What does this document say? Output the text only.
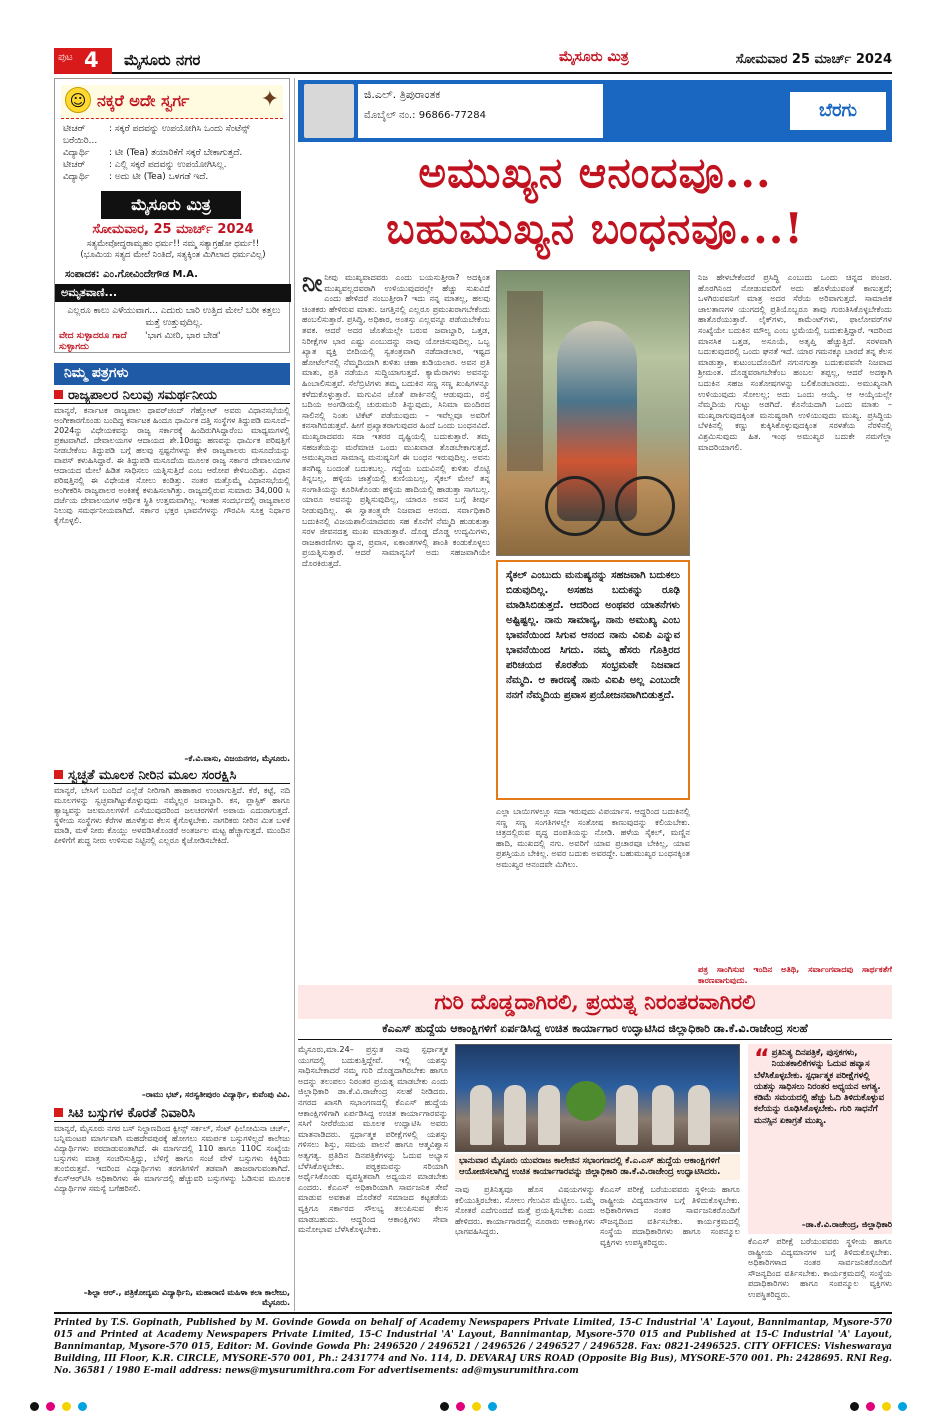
ಪುಟ 4 ಮೈಸೂರು ನಗರ	ಮೈಸೂರು ಮಿತ್ರ	ಸೋಮವಾರ 25 ಮಾರ್ಚ್ 2024
☺ ನಕ್ಕರೆ ಅದೇ ಸ್ವರ್ಗ	✦
ಟೀಚರ್	: ಸಕ್ಕರೆ ಪದವನ್ನು ಉಪಯೋಗಿಸಿ ಒಂದು ಸೆಂಟೆನ್ಸ್ ಬರೆಯಿರಿ...
ವಿದ್ಯಾರ್ಥಿ : ಟೀ (Tea) ತಯಾರಿಕೆಗೆ ಸಕ್ಕರೆ ಬೇಕಾಗುತ್ತದೆ.
ಟೀಚರ್	: ಎಲ್ಲಿ ಸಕ್ಕರೆ ಪದವನ್ನು ಉಪಯೋಗಿಸಿಲ್ಲ.
ವಿದ್ಯಾರ್ಥಿ : ಅದು ಟೀ (Tea) ಒಳಗಡೆ ಇದೆ.
ಮೈಸೂರು ಮಿತ್ರ
ಸೋಮವಾರ, 25 ಮಾರ್ಚ್ 2024
ಸತ್ಯಮೇವೋದ್ಧರಾಮ್ಯಹಂ ಧರ್ಮ!! ನಮ್ಮ ಸತ್ಯಾಗ್ರಹೋ ಧರ್ಮ!!
(ಭೂಮಿಯ ಸತ್ಯದ ಮೇಲೆ ನಿಂತಿದೆ, ಸತ್ಯಕ್ಕಿಂತ ಮಿಗಿಲಾದ ಧರ್ಮವಿಲ್ಲ)
ಸಂಪಾದಕ: ಎಂ.ಗೋವಿಂದೇಗೌಡ M.A.
ಅಮೃತವಾಣಿ...
ಎಲ್ಲರೂ ಕಾಲು ಎಳೆಯುವಾಗ... ಎದುರು ಬಾರಿ ಉತ್ತಿದ ಮೇಲೆ ಬರೀ ಕತ್ತಲು ಮತ್ತೆ ಉತ್ತುವುದಿಲ್ಲ.
ವೇದ ಸುಳ್ಳಾದರೂ ಗಾದೆ ಸುಳ್ಳಾಗದು
'ಭಾಗ ಮೀರಿ, ಭಾರ ಬೇಡ'
ನಿಮ್ಮ ಪತ್ರಗಳು
ರಾಜ್ಯಪಾಲರ ನಿಲುವು ಸಮರ್ಥನೀಯ
ಮಾನ್ಯರೆ, ಕರ್ನಾಟಕ ರಾಜ್ಯಪಾಲ ಥಾವರ್‌ಚಂದ್ ಗೆಹ್ಲೋಟ್ ಅವರು ವಿಧಾನಸಭೆಯಲ್ಲಿ ಅಂಗೀಕಾರಗೊಂಡು ಬಂದಿದ್ದ ಕರ್ನಾಟಕ ಹಿಂದೂ ಧಾರ್ಮಿಕ ದತ್ತಿ ಸಂಸ್ಥೆಗಳ ತಿದ್ದುಪಡಿ ಮಸೂದೆ–2024ನ್ನು ವಿಧೇಯಕವನ್ನು ರಾಜ್ಯ ಸರ್ಕಾರಕ್ಕೆ ಹಿಂದಿರುಗಿಸಿದ್ದಾರೆಂಬ ಮಾಧ್ಯಮಗಳಲ್ಲಿ ಪ್ರಕಟವಾಗಿದೆ. ದೇವಾಲಯಗಳ ಆದಾಯದ ಶೇ.10ರಷ್ಟು ಹಣವನ್ನು ಧಾರ್ಮಿಕ ಪರಿಷತ್ತಿಗೆ ನೀಡಬೇಕೆಂಬ ತಿದ್ದುಪಡಿ ಬಗ್ಗೆ ಹಲವು ಸ್ಪಷ್ಟನೆಗಳನ್ನು ಕೇಳಿ ರಾಜ್ಯಪಾಲರು ಮಸೂದೆಯನ್ನು ವಾಪಸ್ ಕಳುಹಿಸಿದ್ದಾರೆ. ಈ ತಿದ್ದುಪಡಿ ಮಸೂದೆಯ ಮೂಲಕ ರಾಜ್ಯ ಸರ್ಕಾರ ದೇವಾಲಯಗಳ ಆದಾಯದ ಮೇಲೆ ಹಿಡಿತ ಸಾಧಿಸಲು ಯತ್ನಿಸುತ್ತಿದೆ ಎಂಬ ಆರೋಪ ಕೇಳಿಬಂದಿತ್ತು. ವಿಧಾನ ಪರಿಷತ್ತಿನಲ್ಲಿ ಈ ವಿಧೇಯಕ ಸೋಲು ಕಂಡಿತ್ತು. ನಂತರ ಮತ್ತೊಮ್ಮೆ ವಿಧಾನಸಭೆಯಲ್ಲಿ ಅಂಗೀಕರಿಸಿ ರಾಜ್ಯಪಾಲರ ಅಂಕಿತಕ್ಕೆ ಕಳುಹಿಸಲಾಗಿತ್ತು. ರಾಜ್ಯದಲ್ಲಿರುವ ಸುಮಾರು 34,000 ಸಿ ದರ್ಜೆಯ ದೇವಾಲಯಗಳ ಆರ್ಥಿಕ ಸ್ಥಿತಿ ಉತ್ತಮವಾಗಿಲ್ಲ. ಇಂತಹ ಸಂದರ್ಭದಲ್ಲಿ ರಾಜ್ಯಪಾಲರ ನಿಲುವು ಸಮರ್ಥನೀಯವಾಗಿದೆ. ಸರ್ಕಾರ ಭಕ್ತರ ಭಾವನೆಗಳನ್ನು ಗೌರವಿಸಿ ಸೂಕ್ತ ನಿರ್ಧಾರ ಕೈಗೊಳ್ಳಲಿ.
–ಕೆ.ವಿ.ವಾಸು, ವಿಜಯನಗರ, ಮೈಸೂರು.
ಸ್ವಚ್ಛತೆ ಮೂಲಕ ನೀರಿನ ಮೂಲ ಸಂರಕ್ಷಿಸಿ
ಮಾನ್ಯರೆ, ಬೇಸಿಗೆ ಬಂದಿದೆ ಎಲ್ಲೆಡೆ ನೀರಿಗಾಗಿ ಹಾಹಾಕಾರ ಉಂಟಾಗುತ್ತಿದೆ. ಕೆರೆ, ಕಟ್ಟೆ, ನದಿ ಮೂಲಗಳನ್ನು ಸ್ವಚ್ಛವಾಗಿಟ್ಟುಕೊಳ್ಳುವುದು ನಮ್ಮೆಲ್ಲರ ಜವಾಬ್ದಾರಿ. ಕಸ, ಪ್ಲಾಸ್ಟಿಕ್ ಹಾಗೂ ತ್ಯಾಜ್ಯವನ್ನು ಜಲಮೂಲಗಳಿಗೆ ಎಸೆಯುವುದರಿಂದ ಜಲಚರಗಳಿಗೆ ಅಪಾಯ ಎದುರಾಗುತ್ತದೆ. ಸ್ಥಳೀಯ ಸಂಸ್ಥೆಗಳು ಕೆರೆಗಳ ಹೂಳೆತ್ತುವ ಕೆಲಸ ಕೈಗೊಳ್ಳಬೇಕು. ನಾಗರಿಕರು ನೀರಿನ ಮಿತ ಬಳಕೆ ಮಾಡಿ, ಮಳೆ ನೀರು ಕೊಯ್ಲು ಅಳವಡಿಸಿಕೊಂಡರೆ ಅಂತರ್ಜಲ ಮಟ್ಟ ಹೆಚ್ಚಾಗುತ್ತದೆ. ಮುಂದಿನ ಪೀಳಿಗೆಗೆ ಶುದ್ಧ ನೀರು ಉಳಿಸುವ ನಿಟ್ಟಿನಲ್ಲಿ ಎಲ್ಲರೂ ಕೈಜೋಡಿಸಬೇಕಿದೆ.
–ರಾಮು ಭಟ್, ಸರಸ್ವತೀಪುರಂ ವಿದ್ಯಾರ್ಥಿ, ಕುವೆಂಪು ವಿವಿ.
ಸಿಟಿ ಬಸ್ಸುಗಳ ಕೊರತೆ ನಿವಾರಿಸಿ
ಮಾನ್ಯರೆ, ಮೈಸೂರು ನಗರ ಬಸ್ ನಿಲ್ದಾಣದಿಂದ ಕ್ವೀನ್ಸ್ ಸರ್ಕಲ್, ಸೆಂಟ್ ಫಿಲೋಮಿನಾ ಚರ್ಚ್, ಬನ್ನಿಮಂಟಪ ಮಾರ್ಗವಾಗಿ ಮಹದೇವಪುರಕ್ಕೆ ಹೋಗಲು ಸಮರ್ಪಕ ಬಸ್ಸುಗಳಿಲ್ಲದೆ ಕಾಲೇಜು ವಿದ್ಯಾರ್ಥಿಗಳು ಪರದಾಡುವಂತಾಗಿದೆ. ಈ ಮಾರ್ಗದಲ್ಲಿ 110 ಹಾಗೂ 110C ಸಂಖ್ಯೆಯ ಬಸ್ಸುಗಳು ಮಾತ್ರ ಸಂಚರಿಸುತ್ತಿದ್ದು, ಬೆಳಿಗ್ಗೆ ಹಾಗೂ ಸಂಜೆ ವೇಳೆ ಬಸ್ಸುಗಳು ಕಿಕ್ಕಿರಿದು ತುಂಬಿರುತ್ತವೆ. ಇದರಿಂದ ವಿದ್ಯಾರ್ಥಿಗಳು ತರಗತಿಗಳಿಗೆ ತಡವಾಗಿ ಹಾಜರಾಗುವಂತಾಗಿದೆ. ಕೆಎಸ್ಆರ್‌ಟಿಸಿ ಅಧಿಕಾರಿಗಳು ಈ ಮಾರ್ಗದಲ್ಲಿ ಹೆಚ್ಚುವರಿ ಬಸ್ಸುಗಳನ್ನು ಓಡಿಸುವ ಮೂಲಕ ವಿದ್ಯಾರ್ಥಿಗಳ ಸಮಸ್ಯೆ ಬಗೆಹರಿಸಲಿ.
–ಶಿಲ್ಪಾ ಆರ್., ಪತ್ರಿಕೋದ್ಯಮ ವಿದ್ಯಾರ್ಥಿನಿ, ಮಹಾರಾಣಿ ಮಹಿಳಾ ಕಲಾ ಕಾಲೇಜು, ಮೈಸೂರು.
ಜಿ.ಎಲ್. ತ್ರಿಪುರಾಂತಕ
ಮೊಬೈಲ್ ನಂ.: 96866-77284	ಬೆರಗು
ಅಮುಖ್ಯನ ಆನಂದವೂ...
ಬಹುಮುಖ್ಯನ ಬಂಧನವೂ...!
ನೀನೀವು ಮುಖ್ಯವಾದವರು ಎಂದು ಬಯಸುತ್ತೀರಾ? ಅದಕ್ಕಿಂತ ಮುಖ್ಯವಲ್ಲದವರಾಗಿ ಉಳಿಯುವುದರಲ್ಲೇ ಹೆಚ್ಚು ಸುಖವಿದೆ ಎಂದು ಹೇಳಿದರೆ ನಂಬುತ್ತೀರಾ? ಇದು ನನ್ನ ಮಾತಲ್ಲ, ಹಲವು ಚಿಂತಕರು ಹೇಳಿರುವ ಮಾತು. ಜಗತ್ತಿನಲ್ಲಿ ಎಲ್ಲರೂ ಪ್ರಮುಖರಾಗಬೇಕೆಂದು ಹಂಬಲಿಸುತ್ತಾರೆ. ಪ್ರಸಿದ್ಧಿ, ಅಧಿಕಾರ, ಅಂತಸ್ತು ಎಲ್ಲವನ್ನೂ ಪಡೆಯಬೇಕೆಂಬ ತವಕ. ಆದರೆ ಅದರ ಜೊತೆಯಲ್ಲೇ ಬರುವ ಜವಾಬ್ದಾರಿ, ಒತ್ತಡ, ನಿರೀಕ್ಷೆಗಳ ಭಾರ ಎಷ್ಟು ಎಂಬುದನ್ನು ನಾವು ಯೋಚಿಸುವುದಿಲ್ಲ. ಒಬ್ಬ ಖ್ಯಾತ ವ್ಯಕ್ತಿ ಬೀದಿಯಲ್ಲಿ ಸ್ವತಂತ್ರವಾಗಿ ನಡೆದಾಡಲಾರ, ಇಷ್ಟದ ಹೋಟೆಲ್‌ನಲ್ಲಿ ನೆಮ್ಮದಿಯಾಗಿ ಕುಳಿತು ಚಹಾ ಕುಡಿಯಲಾರ. ಅವನ ಪ್ರತಿ ಮಾತು, ಪ್ರತಿ ನಡೆಯೂ ಸುದ್ದಿಯಾಗುತ್ತದೆ. ಕ್ಯಾಮೆರಾಗಳು ಅವನನ್ನು ಹಿಂಬಾಲಿಸುತ್ತವೆ. ಸೆಲೆಬ್ರಿಟಿಗಳು ತಮ್ಮ ಬದುಕಿನ ಸಣ್ಣ ಸಣ್ಣ ಖುಷಿಗಳನ್ನೂ ಕಳೆದುಕೊಳ್ಳುತ್ತಾರೆ. ಮಗುವಿನ ಜೊತೆ ಪಾರ್ಕಿನಲ್ಲಿ ಆಡುವುದು, ರಸ್ತೆ ಬದಿಯ ಅಂಗಡಿಯಲ್ಲಿ ಚುರುಮುರಿ ತಿನ್ನುವುದು, ಸಿನಿಮಾ ಮಂದಿರದ ಸಾಲಿನಲ್ಲಿ ನಿಂತು ಟಿಕೆಟ್ ಪಡೆಯುವುದು – ಇವೆಲ್ಲವೂ ಅವರಿಗೆ ಕನಸಾಗಿಬಿಡುತ್ತವೆ. ಹೀಗೆ ಪ್ರಖ್ಯಾತರಾಗುವುದರ ಹಿಂದೆ ಒಂದು ಬಂಧನವಿದೆ. ಮುಖ್ಯರಾದವರು ಸದಾ ಇತರರ ದೃಷ್ಟಿಯಲ್ಲಿ ಬದುಕುತ್ತಾರೆ. ತಮ್ಮ ಸಹಜತೆಯನ್ನು ಮರೆಮಾಚಿ ಒಂದು ಮುಖವಾಡ ತೊಡಬೇಕಾಗುತ್ತದೆ. ಅಮುಖ್ಯನಾದ ಸಾಮಾನ್ಯ ಮನುಷ್ಯನಿಗೆ ಈ ಬಂಧನ ಇರುವುದಿಲ್ಲ. ಅವನು ತನಗಿಷ್ಟ ಬಂದಂತೆ ಬದುಕಬಲ್ಲ. ಗದ್ದೆಯ ಬದುವಿನಲ್ಲಿ ಕುಳಿತು ರೊಟ್ಟಿ ತಿನ್ನಬಲ್ಲ, ಹಳ್ಳಿಯ ಜಾತ್ರೆಯಲ್ಲಿ ಕುಣಿಯಬಲ್ಲ, ಸೈಕಲ್ ಮೇಲೆ ತನ್ನ ಸಂಗಾತಿಯನ್ನು ಕೂರಿಸಿಕೊಂಡು ಹಳ್ಳಿಯ ಹಾದಿಯಲ್ಲಿ ಹಾಡುತ್ತಾ ಸಾಗಬಲ್ಲ. ಯಾರೂ ಅವನನ್ನು ಪ್ರಶ್ನಿಸುವುದಿಲ್ಲ, ಯಾರೂ ಅವನ ಬಗ್ಗೆ ತೀರ್ಪು ನೀಡುವುದಿಲ್ಲ. ಈ ಸ್ವಾತಂತ್ರ್ಯವೇ ನಿಜವಾದ ಆನಂದ. ಸರ್ವಾಧಿಕಾರಿ ಬದುಕಿನಲ್ಲಿ ವಿಜಯಶಾಲಿಯಾದವರು ಸಹ ಕೊನೆಗೆ ನೆಮ್ಮದಿ ಹುಡುಕುತ್ತಾ ಸರಳ ಜೀವನದತ್ತ ಮುಖ ಮಾಡುತ್ತಾರೆ. ದೊಡ್ಡ ದೊಡ್ಡ ಉದ್ಯಮಿಗಳು, ರಾಜಕಾರಣಿಗಳು ಧ್ಯಾನ, ಪ್ರವಾಸ, ಏಕಾಂತಗಳಲ್ಲಿ ಶಾಂತಿ ಕಂಡುಕೊಳ್ಳಲು ಪ್ರಯತ್ನಿಸುತ್ತಾರೆ. ಆದರೆ ಸಾಮಾನ್ಯನಿಗೆ ಅದು ಸಹಜವಾಗಿಯೇ ದೊರಕಿರುತ್ತದೆ.
ಸೈಕಲ್ ಎಂಬುದು ಮನುಷ್ಯನನ್ನು ಸಹಜವಾಗಿ ಬದುಕಲು ಬಿಡುವುದಿಲ್ಲ. ಅಸಹಜ ಬದುಕನ್ನು ರೂಢಿ ಮಾಡಿಸಿಬಿಡುತ್ತದೆ. ಆದರಿಂದ ಅಂಥವರ ಯಾತನೆಗಳು ಅಷ್ಟಿಷ್ಟಲ್ಲ. ನಾನು ಸಾಮಾನ್ಯ, ನಾನು ಅಮುಖ್ಯ ಎಂಬ ಭಾವನೆಯಿಂದ ಸಿಗುವ ಆನಂದ ನಾನು ವಿಐಪಿ ಎನ್ನುವ ಭಾವನೆಯಿಂದ ಸಿಗದು. ನಮ್ಮ ಹೆಸರು ಗೊತ್ತಿರದ ಪರಿಚಯದ ಕೊರತೆಯ ಸಂಭ್ರಮವೇ ನಿಜವಾದ ನೆಮ್ಮದಿ. ಆ ಕಾರಣಕ್ಕೆ ನಾನು ವಿಐಪಿ ಅಲ್ಲ ಎಂಬುದೇ ನನಗೆ ನೆಮ್ಮದಿಯ ಪ್ರವಾಸ ಪ್ರಯೋಜನವಾಗಿಬಿಡುತ್ತದೆ.
ಎಲ್ಲಾ ಬಾಯಿಗಳಲ್ಲೂ ಸದಾ ಇರುವುದು ವಿಪರ್ಯಾಸ. ಆದ್ದರಿಂದ ಬದುಕಿನಲ್ಲಿ ಸಣ್ಣ ಸಣ್ಣ ಸಂಗತಿಗಳಲ್ಲೇ ಸಂತೋಷ ಕಾಣುವುದನ್ನು ಕಲಿಯಬೇಕು. ಚಿತ್ರದಲ್ಲಿರುವ ವೃದ್ಧ ದಂಪತಿಯನ್ನು ನೋಡಿ. ಹಳೆಯ ಸೈಕಲ್, ಮಣ್ಣಿನ ಹಾದಿ, ಮುಖದಲ್ಲಿ ನಗು. ಅವರಿಗೆ ಯಾವ ಪ್ರಚಾರವೂ ಬೇಕಿಲ್ಲ, ಯಾವ ಪ್ರಶಸ್ತಿಯೂ ಬೇಕಿಲ್ಲ. ಅವರ ಬದುಕು ಅವರದ್ದೇ. ಬಹುಮುಖ್ಯರ ಬಂಧನಕ್ಕಿಂತ ಅಮುಖ್ಯರ ಆನಂದವೇ ಮಿಗಿಲು.
ನಿಜ ಹೇಳಬೇಕೆಂದರೆ ಪ್ರಸಿದ್ಧಿ ಎಂಬುದು ಒಂದು ಚಿನ್ನದ ಪಂಜರ. ಹೊರಗಿನಿಂದ ನೋಡುವವರಿಗೆ ಅದು ಹೊಳೆಯುವಂತೆ ಕಾಣುತ್ತದೆ; ಒಳಗಿರುವವನಿಗೆ ಮಾತ್ರ ಅದರ ಸೆರೆಯ ಅರಿವಾಗುತ್ತದೆ. ಸಾಮಾಜಿಕ ಜಾಲತಾಣಗಳ ಯುಗದಲ್ಲಿ ಪ್ರತಿಯೊಬ್ಬರೂ ತಾವು ಗುರುತಿಸಿಕೊಳ್ಳಬೇಕೆಂದು ಹಾತೊರೆಯುತ್ತಾರೆ. ಲೈಕ್‌ಗಳು, ಕಾಮೆಂಟ್‌ಗಳು, ಫಾಲೋವರ್‌ಗಳ ಸಂಖ್ಯೆಯೇ ಬದುಕಿನ ಮೌಲ್ಯ ಎಂಬ ಭ್ರಮೆಯಲ್ಲಿ ಬದುಕುತ್ತಿದ್ದಾರೆ. ಇದರಿಂದ ಮಾನಸಿಕ ಒತ್ತಡ, ಅಸೂಯೆ, ಅತೃಪ್ತಿ ಹೆಚ್ಚುತ್ತಿದೆ. ಸರಳವಾಗಿ ಬದುಕುವುದರಲ್ಲಿ ಒಂದು ಘನತೆ ಇದೆ. ಯಾರ ಗಮನಕ್ಕೂ ಬಾರದೆ ತನ್ನ ಕೆಲಸ ಮಾಡುತ್ತಾ, ಕುಟುಂಬದೊಂದಿಗೆ ನಗುನಗುತ್ತಾ ಬದುಕುವವನೇ ನಿಜವಾದ ಶ್ರೀಮಂತ. ದೊಡ್ಡವರಾಗಬೇಕೆಂಬ ಹಂಬಲ ತಪ್ಪಲ್ಲ, ಆದರೆ ಅದಕ್ಕಾಗಿ ಬದುಕಿನ ಸಹಜ ಸಂತೋಷಗಳನ್ನು ಬಲಿಕೊಡಬಾರದು. ಅಮುಖ್ಯನಾಗಿ ಉಳಿಯುವುದು ಸೋಲಲ್ಲ; ಅದು ಒಂದು ಆಯ್ಕೆ. ಆ ಆಯ್ಕೆಯಲ್ಲೇ ನೆಮ್ಮದಿಯ ಗುಟ್ಟು ಅಡಗಿದೆ. ಕೊನೆಯದಾಗಿ ಒಂದು ಮಾತು – ಮುಖ್ಯರಾಗುವುದಕ್ಕಿಂತ ಮನುಷ್ಯರಾಗಿ ಉಳಿಯುವುದು ಮುಖ್ಯ. ಪ್ರಸಿದ್ಧಿಯ ಬೆಳಕಿನಲ್ಲಿ ಕಣ್ಣು ಕುಕ್ಕಿಸಿಕೊಳ್ಳುವುದಕ್ಕಿಂತ ಸರಳತೆಯ ನೆರಳಿನಲ್ಲಿ ವಿಶ್ರಮಿಸುವುದು ಹಿತ. ಇಂಥ ಅಮುಖ್ಯರ ಬದುಕೇ ನಮಗೆಲ್ಲಾ ಮಾದರಿಯಾಗಲಿ.
ಪತ್ರ ಸಾಂಗಿಸುವ ಇಂದಿನ ಅತಿಥಿ, ಸರ್ವಾಂಗವಾದವು ಸಾರ್ಥಕತೆಗೆ ಕಾರಣವಾಗುವುದು.
ಗುರಿ ದೊಡ್ಡದಾಗಿರಲಿ, ಪ್ರಯತ್ನ ನಿರಂತರವಾಗಿರಲಿ
ಕೆಎಎಸ್ ಹುದ್ದೆಯ ಆಕಾಂಕ್ಷಿಗಳಿಗೆ ಏರ್ಪಡಿಸಿದ್ದ ಉಚಿತ ಕಾರ್ಯಾಗಾರ ಉದ್ಘಾಟಿಸಿದ ಜಿಲ್ಲಾಧಿಕಾರಿ ಡಾ.ಕೆ.ವಿ.ರಾಜೇಂದ್ರ ಸಲಹೆ
ಮೈಸೂರು,ಮಾ.24– ಪ್ರಸ್ತುತ ನಾವು ಸ್ಪರ್ಧಾತ್ಮಕ ಯುಗದಲ್ಲಿ ಬದುಕುತ್ತಿದ್ದೇವೆ. ಇಲ್ಲಿ ಯಶಸ್ಸು ಸಾಧಿಸಬೇಕಾದರೆ ನಮ್ಮ ಗುರಿ ದೊಡ್ಡದಾಗಿರಬೇಕು ಹಾಗೂ ಅದನ್ನು ತಲುಪಲು ನಿರಂತರ ಪ್ರಯತ್ನ ಮಾಡಬೇಕು ಎಂದು ಜಿಲ್ಲಾಧಿಕಾರಿ ಡಾ.ಕೆ.ವಿ.ರಾಜೇಂದ್ರ ಸಲಹೆ ನೀಡಿದರು. ನಗರದ ಖಾಸಗಿ ಸಭಾಂಗಣದಲ್ಲಿ ಕೆಎಎಸ್ ಹುದ್ದೆಯ ಆಕಾಂಕ್ಷಿಗಳಿಗಾಗಿ ಏರ್ಪಡಿಸಿದ್ದ ಉಚಿತ ಕಾರ್ಯಾಗಾರವನ್ನು ಸಸಿಗೆ ನೀರೆರೆಯುವ ಮೂಲಕ ಉದ್ಘಾಟಿಸಿ ಅವರು ಮಾತನಾಡಿದರು. ಸ್ಪರ್ಧಾತ್ಮಕ ಪರೀಕ್ಷೆಗಳಲ್ಲಿ ಯಶಸ್ಸು ಗಳಿಸಲು ಶಿಸ್ತು, ಸಮಯ ಪಾಲನೆ ಹಾಗೂ ಆತ್ಮವಿಶ್ವಾಸ ಅತ್ಯಗತ್ಯ. ಪ್ರತಿದಿನ ದಿನಪತ್ರಿಕೆಗಳನ್ನು ಓದುವ ಅಭ್ಯಾಸ ಬೆಳೆಸಿಕೊಳ್ಳಬೇಕು. ಪಠ್ಯಕ್ರಮವನ್ನು ಸರಿಯಾಗಿ ಅರ್ಥೈಸಿಕೊಂಡು ವ್ಯವಸ್ಥಿತವಾಗಿ ಅಧ್ಯಯನ ಮಾಡಬೇಕು ಎಂದರು. ಕೆಎಎಸ್ ಅಧಿಕಾರಿಯಾಗಿ ಸಾರ್ವಜನಿಕ ಸೇವೆ ಮಾಡುವ ಅವಕಾಶ ದೊರೆತರೆ ಸಮಾಜದ ಕಟ್ಟಕಡೆಯ ವ್ಯಕ್ತಿಗೂ ಸರ್ಕಾರದ ಸೌಲಭ್ಯ ತಲುಪಿಸುವ ಕೆಲಸ ಮಾಡಬಹುದು. ಆದ್ದರಿಂದ ಆಕಾಂಕ್ಷಿಗಳು ಸೇವಾ ಮನೋಭಾವ ಬೆಳೆಸಿಕೊಳ್ಳಬೇಕು.
ಭಾನುವಾರ ಮೈಸೂರು ಯುವರಾಜ ಕಾಲೇಜಿನ ಸಭಾಂಗಣದಲ್ಲಿ ಕೆ.ಎ.ಎಸ್ ಹುದ್ದೆಯ ಆಕಾಂಕ್ಷಿಗಳಿಗೆ ಆಯೋಜಿಸಲಾಗಿದ್ದ ಉಚಿತ ಕಾರ್ಯಾಗಾರವನ್ನು ಜಿಲ್ಲಾಧಿಕಾರಿ ಡಾ.ಕೆ.ವಿ.ರಾಜೇಂದ್ರ ಉದ್ಘಾಟಿಸಿದರು.
ನಾವು ಪ್ರತಿನಿತ್ಯವೂ ಹೊಸ ವಿಷಯಗಳನ್ನು ಕಲಿಯುತ್ತಿರಬೇಕು. ಸೋಲು ಗೆಲುವಿನ ಮೆಟ್ಟಿಲು. ಒಮ್ಮೆ ಸೋತರೆ ಎದೆಗುಂದದೆ ಮತ್ತೆ ಪ್ರಯತ್ನಿಸಬೇಕು ಎಂದು ಹೇಳಿದರು. ಕಾರ್ಯಾಗಾರದಲ್ಲಿ ನೂರಾರು ಆಕಾಂಕ್ಷಿಗಳು ಭಾಗವಹಿಸಿದ್ದರು.
ಕೆಎಎಸ್ ಪರೀಕ್ಷೆ ಬರೆಯುವವರು ಸ್ಥಳೀಯ ಹಾಗೂ ರಾಷ್ಟ್ರೀಯ ವಿದ್ಯಮಾನಗಳ ಬಗ್ಗೆ ತಿಳಿದುಕೊಳ್ಳಬೇಕು. ಅಧಿಕಾರಿಗಳಾದ ನಂತರ ಸಾರ್ವಜನಿಕರೊಂದಿಗೆ ಸೌಜನ್ಯದಿಂದ ವರ್ತಿಸಬೇಕು. ಕಾರ್ಯಕ್ರಮದಲ್ಲಿ ಸಂಸ್ಥೆಯ ಪದಾಧಿಕಾರಿಗಳು ಹಾಗೂ ಸಂಪನ್ಮೂಲ ವ್ಯಕ್ತಿಗಳು ಉಪಸ್ಥಿತರಿದ್ದರು.
“ ಪ್ರತಿನಿತ್ಯ ದಿನಪತ್ರಿಕೆ, ಪುಸ್ತಕಗಳು, ನಿಯತಕಾಲಿಕೆಗಳನ್ನು ಓದುವ ಹವ್ಯಾಸ ಬೆಳೆಸಿಕೊಳ್ಳಬೇಕು. ಸ್ಪರ್ಧಾತ್ಮಕ ಪರೀಕ್ಷೆಗಳಲ್ಲಿ ಯಶಸ್ಸು ಸಾಧಿಸಲು ನಿರಂತರ ಅಧ್ಯಯನ ಅಗತ್ಯ. ಕಡಿಮೆ ಸಮಯದಲ್ಲಿ ಹೆಚ್ಚು ಓದಿ ತಿಳಿದುಕೊಳ್ಳುವ ಕಲೆಯನ್ನು ರೂಢಿಸಿಕೊಳ್ಳಬೇಕು. ಗುರಿ ಸಾಧನೆಗೆ ಮನಸ್ಸಿನ ಏಕಾಗ್ರತೆ ಮುಖ್ಯ.
–ಡಾ.ಕೆ.ವಿ.ರಾಜೇಂದ್ರ, ಜಿಲ್ಲಾಧಿಕಾರಿ
ಕೆಎಎಸ್ ಪರೀಕ್ಷೆ ಬರೆಯುವವರು ಸ್ಥಳೀಯ ಹಾಗೂ ರಾಷ್ಟ್ರೀಯ ವಿದ್ಯಮಾನಗಳ ಬಗ್ಗೆ ತಿಳಿದುಕೊಳ್ಳಬೇಕು. ಅಧಿಕಾರಿಗಳಾದ ನಂತರ ಸಾರ್ವಜನಿಕರೊಂದಿಗೆ ಸೌಜನ್ಯದಿಂದ ವರ್ತಿಸಬೇಕು. ಕಾರ್ಯಕ್ರಮದಲ್ಲಿ ಸಂಸ್ಥೆಯ ಪದಾಧಿಕಾರಿಗಳು ಹಾಗೂ ಸಂಪನ್ಮೂಲ ವ್ಯಕ್ತಿಗಳು ಉಪಸ್ಥಿತರಿದ್ದರು.
Printed by T.S. Gopinath, Published by M. Govinde Gowda on behalf of Academy Newspapers Private Limited, 15-C Industrial 'A' Layout, Bannimantap, Mysore-570 015 and Printed at Academy Newspapers Private Limited, 15-C Industrial 'A' Layout, Bannimantap, Mysore-570 015 and Published at 15-C Industrial 'A' Layout, Bannimantap, Mysore-570 015, Editor: M. Govinde Gowda Ph: 2496520 / 2496521 / 2496526 / 2496527 / 2496528. Fax: 0821-2496525. CITY OFFICES: Visheswaraya Building, III Floor, K.R. CIRCLE, MYSORE-570 001, Ph.: 2431774 and No. 114, D. DEVARAJ URS ROAD (Opposite Big Bus), MYSORE-570 001. Ph: 2428695. RNI Reg. No. 36581 / 1980 E-mail address: news@mysurumithra.com For advertisements: ad@mysurumithra.com
